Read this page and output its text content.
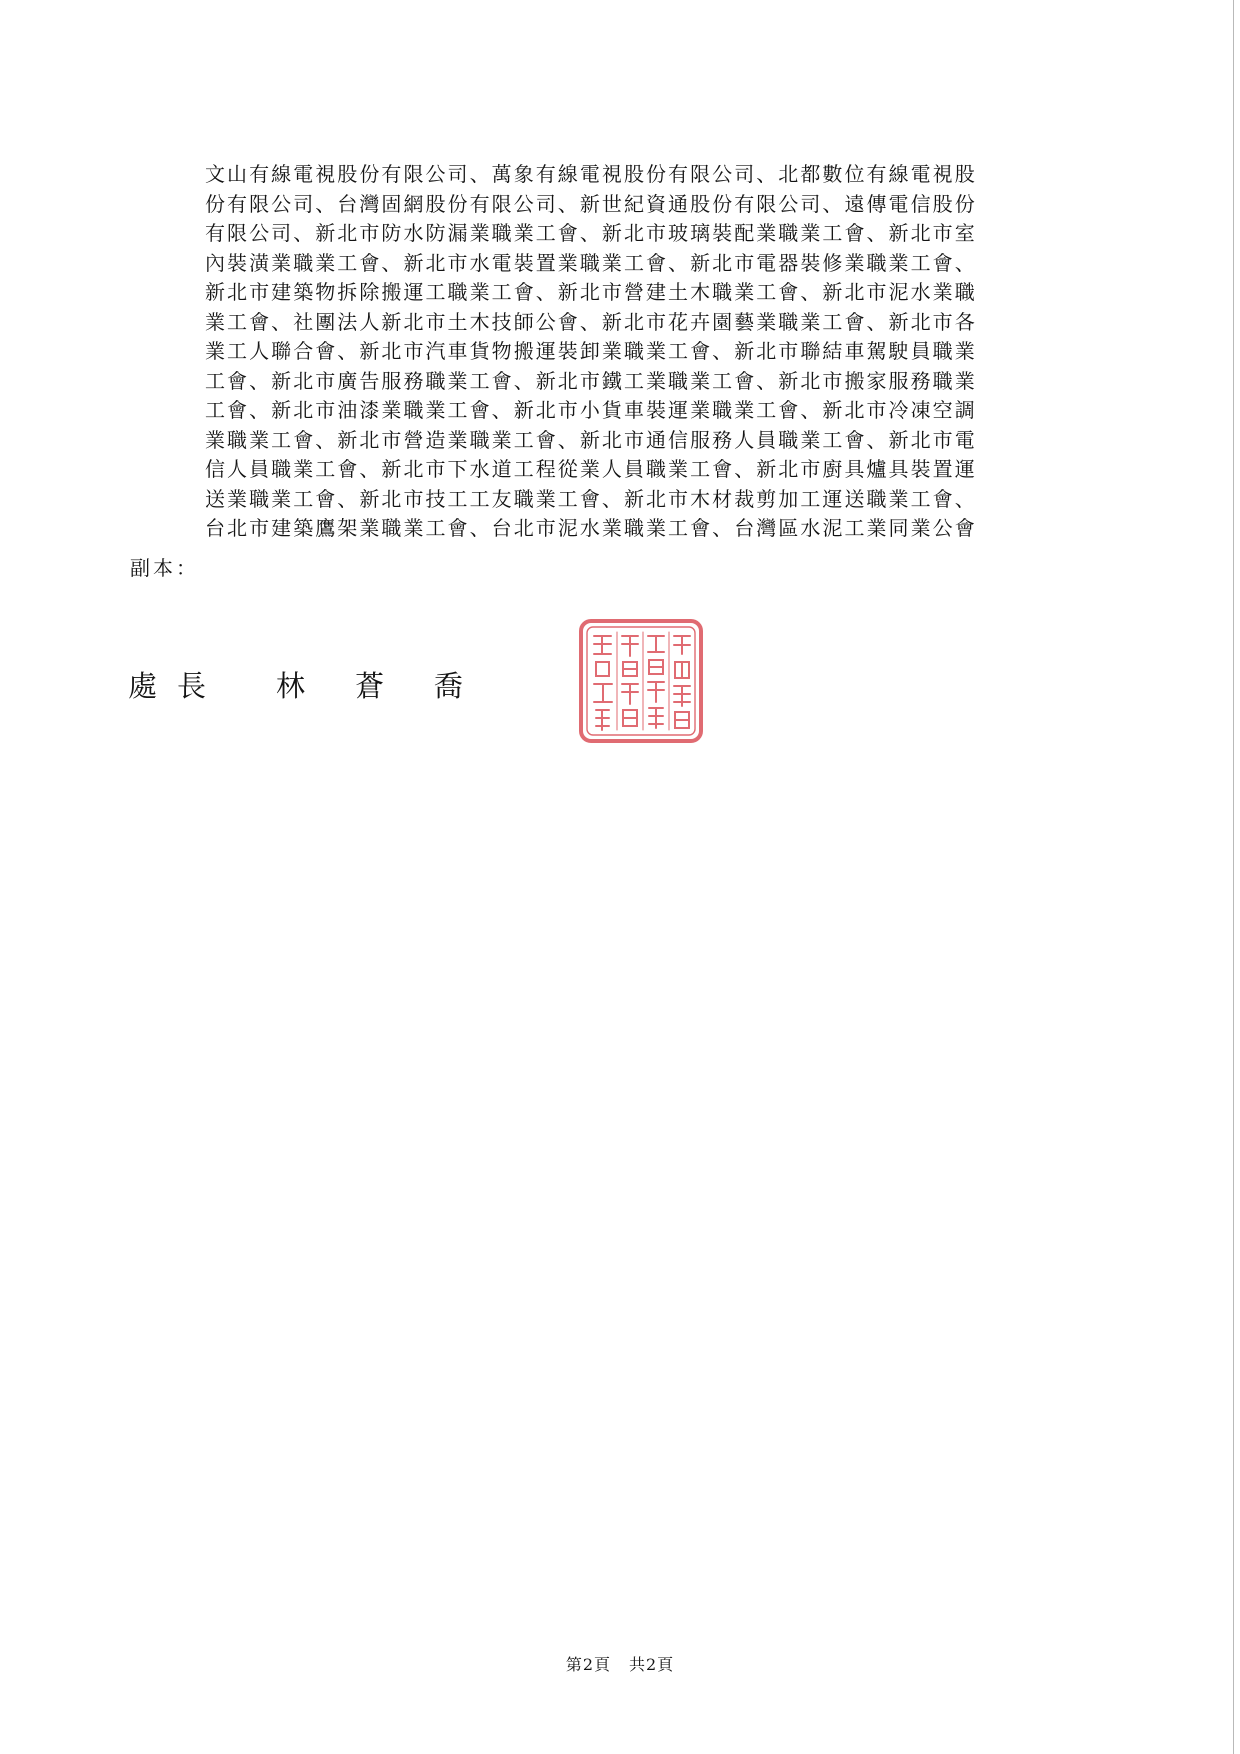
文山有線電視股份有限公司、萬象有線電視股份有限公司、北都數位有線電視股
份有限公司、台灣固網股份有限公司、新世紀資通股份有限公司、遠傳電信股份
有限公司、新北市防水防漏業職業工會、新北市玻璃裝配業職業工會、新北市室
內裝潢業職業工會、新北市水電裝置業職業工會、新北市電器裝修業職業工會、
新北市建築物拆除搬運工職業工會、新北市營建土木職業工會、新北市泥水業職
業工會、社團法人新北市土木技師公會、新北市花卉園藝業職業工會、新北市各
業工人聯合會、新北市汽車貨物搬運裝卸業職業工會、新北市聯結車駕駛員職業
工會、新北市廣告服務職業工會、新北市鐵工業職業工會、新北市搬家服務職業
工會、新北市油漆業職業工會、新北市小貨車裝運業職業工會、新北市冷凍空調
業職業工會、新北市營造業職業工會、新北市通信服務人員職業工會、新北市電
信人員職業工會、新北市下水道工程從業人員職業工會、新北市廚具爐具裝置運
送業職業工會、新北市技工工友職業工會、新北市木材裁剪加工運送職業工會、
台北市建築鷹架業職業工會、台北市泥水業職業工會、台灣區水泥工業同業公會
副本：
處長 林蒼喬
第2頁 共2頁
